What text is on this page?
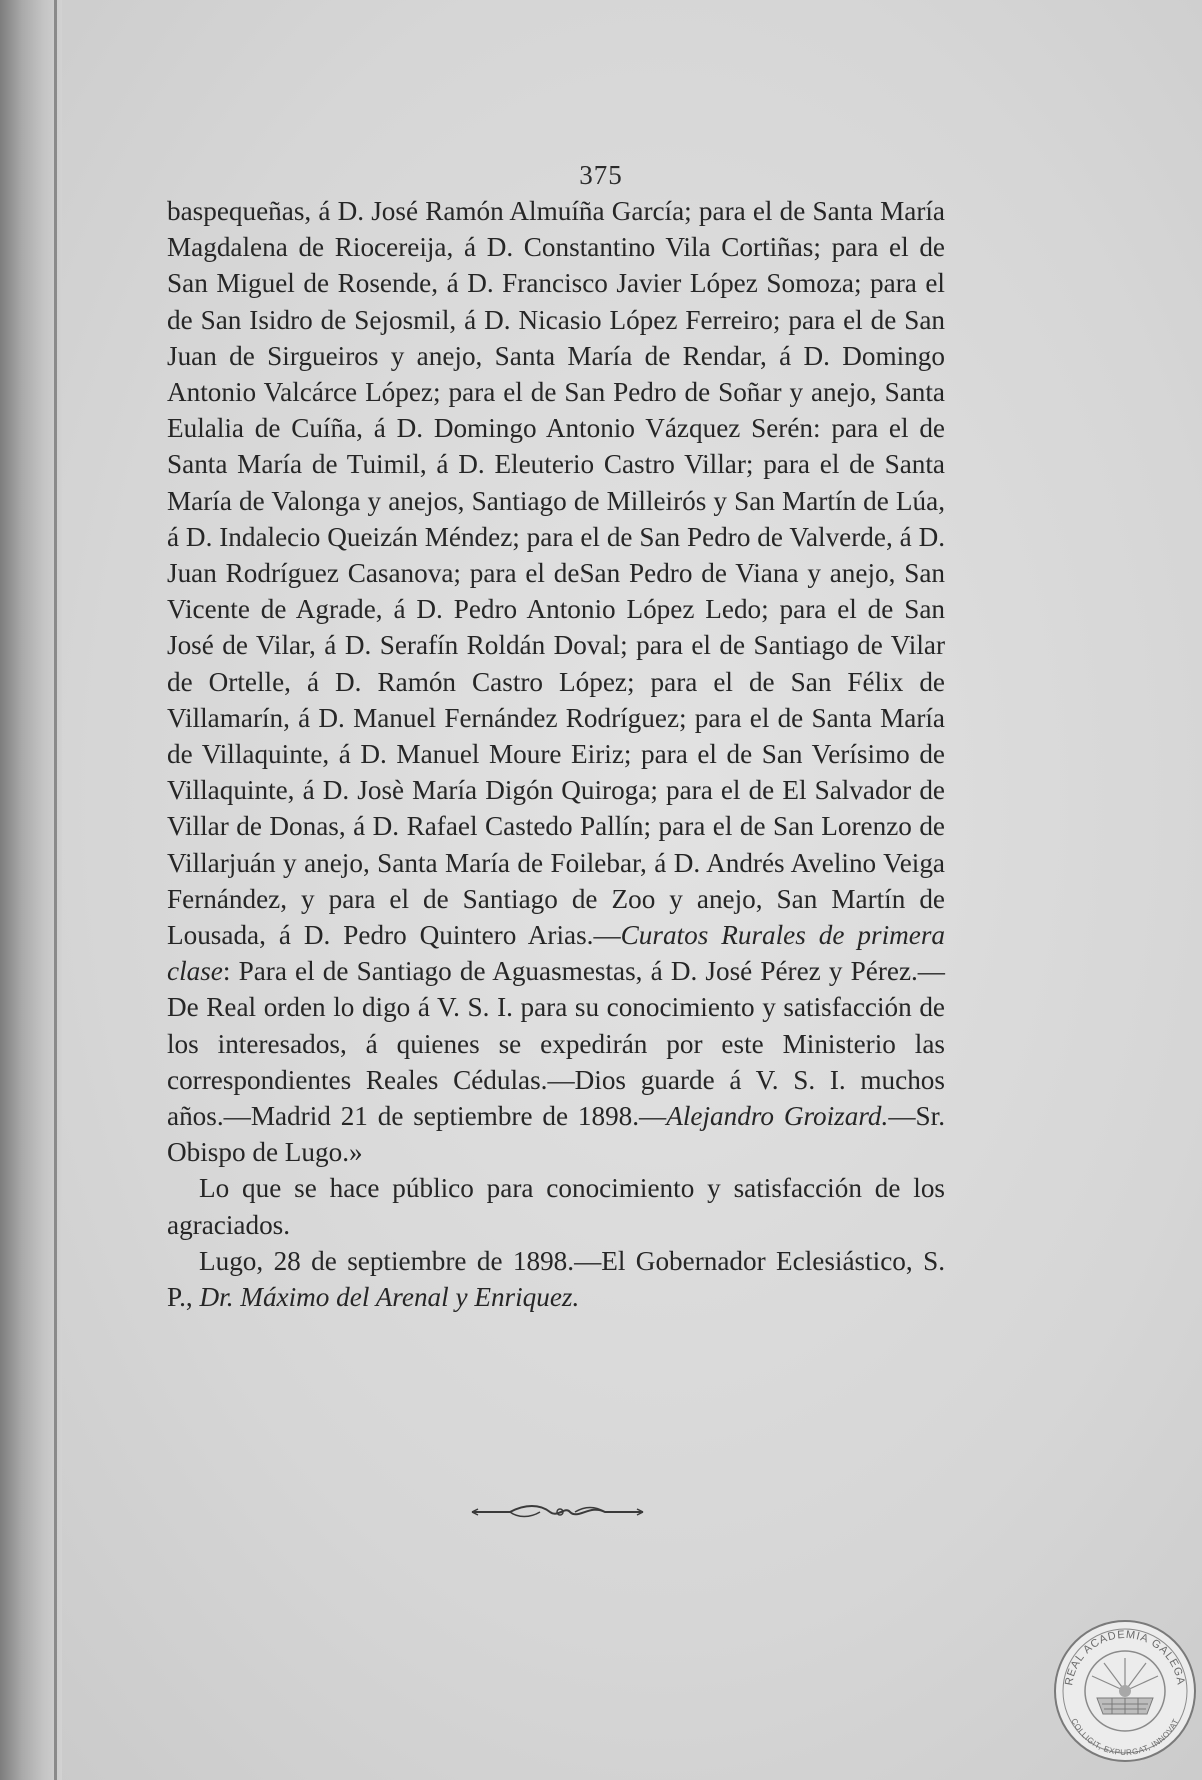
375

baspequeñas, á D. José Ramón Almuíña García; para el de Santa María Magdalena de Riocereija, á D. Constantino Vila Cortiñas; para el de San Miguel de Rosende, á D. Francisco Javier López Somoza; para el de San Isidro de Sejosmil, á D. Nicasio López Ferreiro; para el de San Juan de Sirgueiros y anejo, Santa María de Rendar, á D. Domingo Antonio Valcárce López; para el de San Pedro de Soñar y anejo, Santa Eulalia de Cuíña, á D. Domingo Antonio Vázquez Serén: para el de Santa María de Tuimil, á D. Eleuterio Castro Villar; para el de Santa María de Valonga y anejos, Santiago de Milleirós y San Martín de Lúa, á D. Indalecio Queizán Méndez; para el de San Pedro de Valverde, á D. Juan Rodríguez Casanova; para el deSan Pedro de Viana y anejo, San Vicente de Agrade, á D. Pedro Antonio López Ledo; para el de San José de Vilar, á D. Serafín Roldán Doval; para el de Santiago de Vilar de Ortelle, á D. Ramón Castro López; para el de San Félix de Villamarín, á D. Manuel Fernández Rodríguez; para el de Santa María de Villaquinte, á D. Manuel Moure Eiriz; para el de San Verísimo de Villaquinte, á D. Josè María Digón Quiroga; para el de El Salvador de Villar de Donas, á D. Rafael Castedo Pallín; para el de San Lorenzo de Villarjuán y anejo, Santa María de Foilebar, á D. Andrés Avelino Veiga Fernández, y para el de Santiago de Zoo y anejo, San Martín de Lousada, á D. Pedro Quintero Arias.—Curatos Rurales de primera clase: Para el de Santiago de Aguasmestas, á D. José Pérez y Pérez.—De Real orden lo digo á V. S. I. para su conocimiento y satisfacción de los interesados, á quienes se expedirán por este Ministerio las correspondientes Reales Cédulas.—Dios guarde á V. S. I. muchos años.—Madrid 21 de septiembre de 1898.—Alejandro Groizard.—Sr. Obispo de Lugo.»

Lo que se hace público para conocimiento y satisfacción de los agraciados.

Lugo, 28 de septiembre de 1898.—El Gobernador Eclesiástico, S. P., Dr. Máximo del Arenal y Enriquez.

REAL ACADEMIA GALEGA
COLLIGIT, EXPURGAT, INNOVAT
